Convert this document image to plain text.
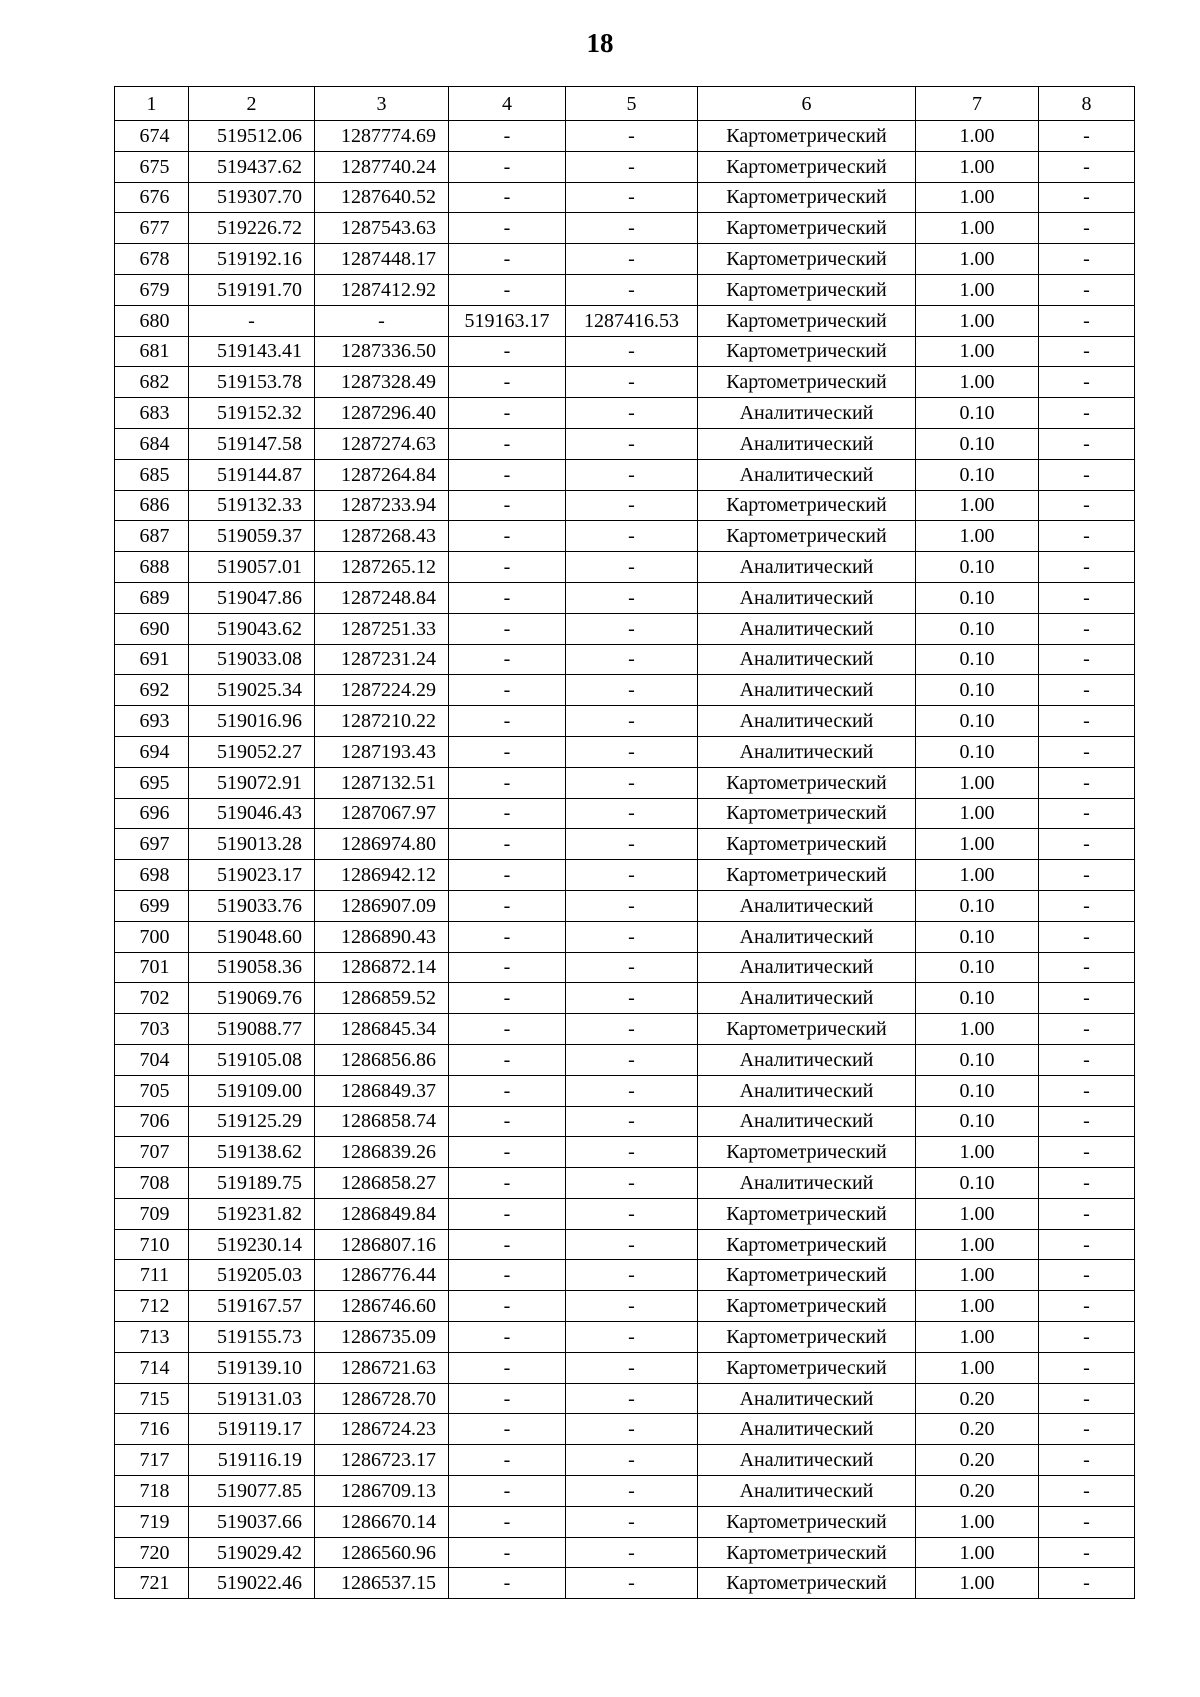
18
1	2	3	4	5	6	7	8
674	519512.06	1287774.69	-	-	Картометрический	1.00	-
675	519437.62	1287740.24	-	-	Картометрический	1.00	-
676	519307.70	1287640.52	-	-	Картометрический	1.00	-
677	519226.72	1287543.63	-	-	Картометрический	1.00	-
678	519192.16	1287448.17	-	-	Картометрический	1.00	-
679	519191.70	1287412.92	-	-	Картометрический	1.00	-
680	-	-	519163.17	1287416.53	Картометрический	1.00	-
681	519143.41	1287336.50	-	-	Картометрический	1.00	-
682	519153.78	1287328.49	-	-	Картометрический	1.00	-
683	519152.32	1287296.40	-	-	Аналитический	0.10	-
684	519147.58	1287274.63	-	-	Аналитический	0.10	-
685	519144.87	1287264.84	-	-	Аналитический	0.10	-
686	519132.33	1287233.94	-	-	Картометрический	1.00	-
687	519059.37	1287268.43	-	-	Картометрический	1.00	-
688	519057.01	1287265.12	-	-	Аналитический	0.10	-
689	519047.86	1287248.84	-	-	Аналитический	0.10	-
690	519043.62	1287251.33	-	-	Аналитический	0.10	-
691	519033.08	1287231.24	-	-	Аналитический	0.10	-
692	519025.34	1287224.29	-	-	Аналитический	0.10	-
693	519016.96	1287210.22	-	-	Аналитический	0.10	-
694	519052.27	1287193.43	-	-	Аналитический	0.10	-
695	519072.91	1287132.51	-	-	Картометрический	1.00	-
696	519046.43	1287067.97	-	-	Картометрический	1.00	-
697	519013.28	1286974.80	-	-	Картометрический	1.00	-
698	519023.17	1286942.12	-	-	Картометрический	1.00	-
699	519033.76	1286907.09	-	-	Аналитический	0.10	-
700	519048.60	1286890.43	-	-	Аналитический	0.10	-
701	519058.36	1286872.14	-	-	Аналитический	0.10	-
702	519069.76	1286859.52	-	-	Аналитический	0.10	-
703	519088.77	1286845.34	-	-	Картометрический	1.00	-
704	519105.08	1286856.86	-	-	Аналитический	0.10	-
705	519109.00	1286849.37	-	-	Аналитический	0.10	-
706	519125.29	1286858.74	-	-	Аналитический	0.10	-
707	519138.62	1286839.26	-	-	Картометрический	1.00	-
708	519189.75	1286858.27	-	-	Аналитический	0.10	-
709	519231.82	1286849.84	-	-	Картометрический	1.00	-
710	519230.14	1286807.16	-	-	Картометрический	1.00	-
711	519205.03	1286776.44	-	-	Картометрический	1.00	-
712	519167.57	1286746.60	-	-	Картометрический	1.00	-
713	519155.73	1286735.09	-	-	Картометрический	1.00	-
714	519139.10	1286721.63	-	-	Картометрический	1.00	-
715	519131.03	1286728.70	-	-	Аналитический	0.20	-
716	519119.17	1286724.23	-	-	Аналитический	0.20	-
717	519116.19	1286723.17	-	-	Аналитический	0.20	-
718	519077.85	1286709.13	-	-	Аналитический	0.20	-
719	519037.66	1286670.14	-	-	Картометрический	1.00	-
720	519029.42	1286560.96	-	-	Картометрический	1.00	-
721	519022.46	1286537.15	-	-	Картометрический	1.00	-
